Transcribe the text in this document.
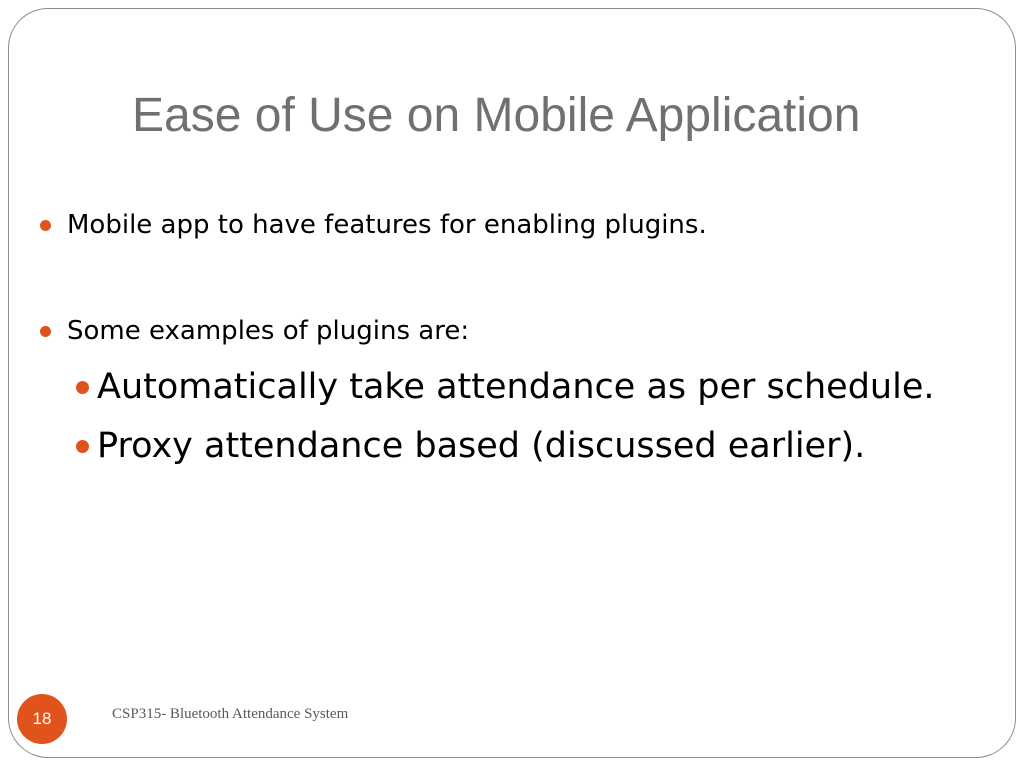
Ease of Use on Mobile Application
Mobile app to have features for enabling plugins.
Some examples of plugins are:
Automatically take attendance as per schedule.
Proxy attendance based (discussed earlier).
18	CSP315- Bluetooth Attendance System
